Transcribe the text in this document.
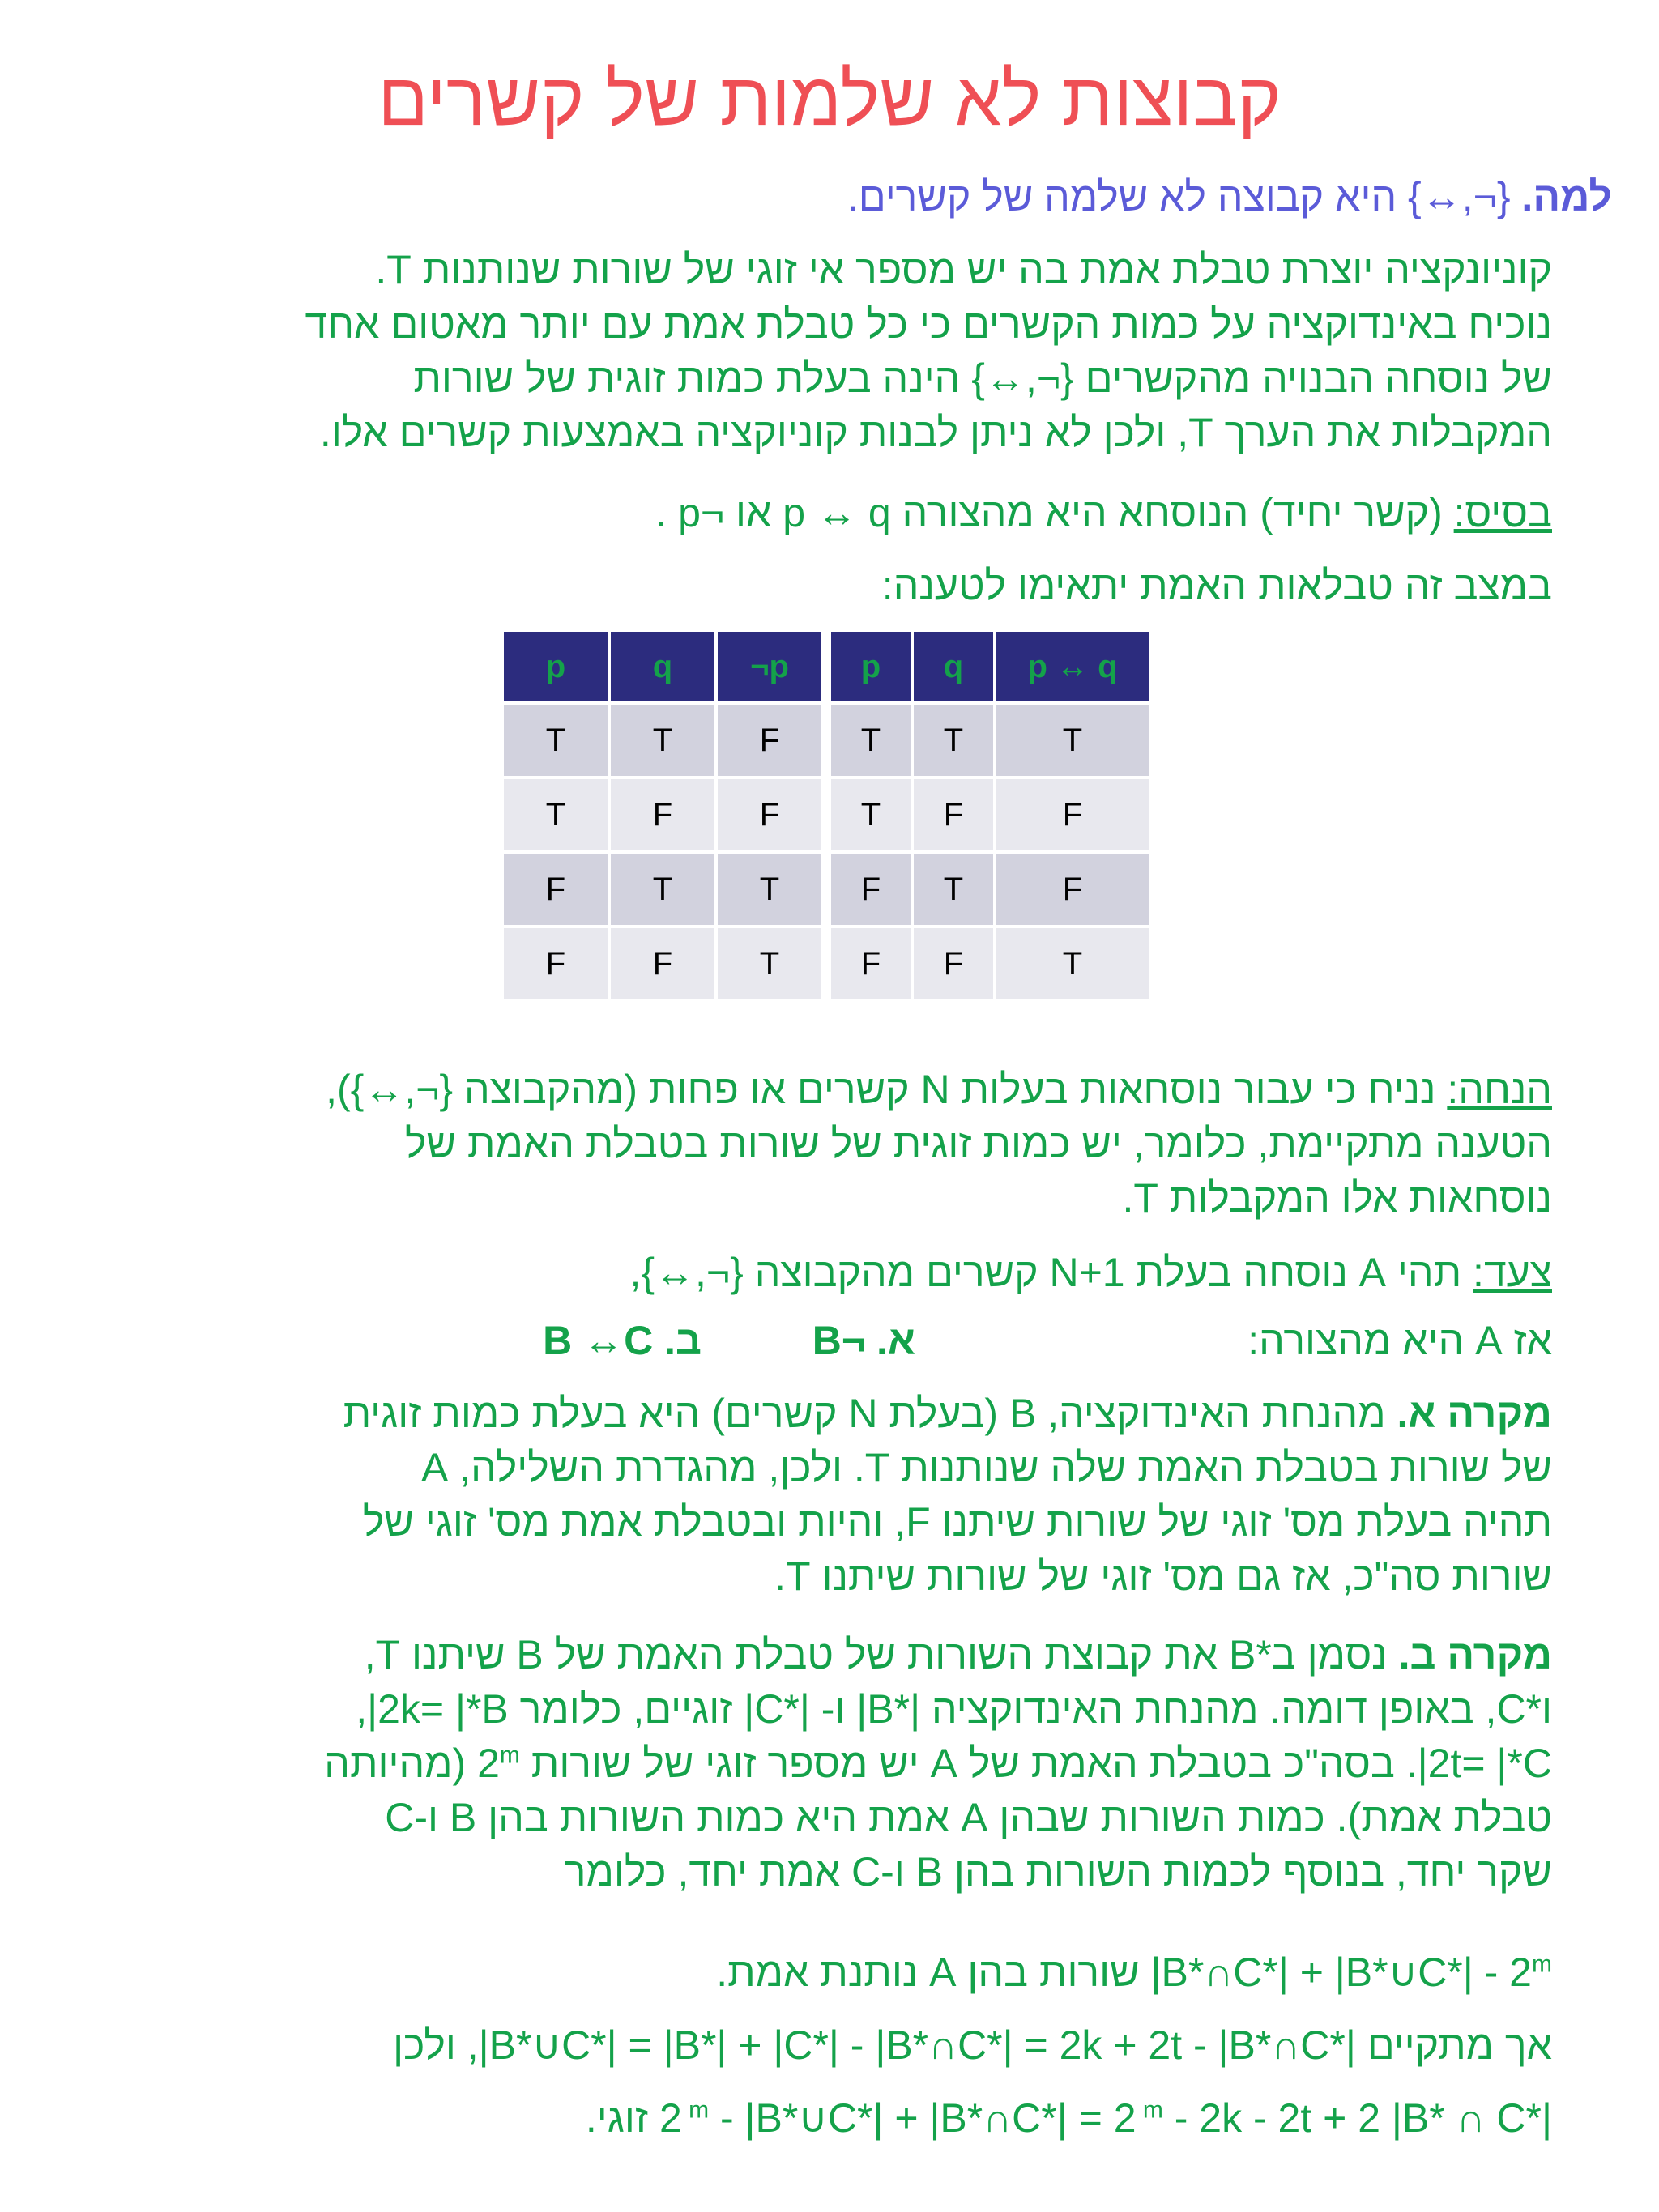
קבוצות לא שלמות של קשרים

למה. {¬,↔} היא קבוצה לא שלמה של קשרים.

קוניונקציה יוצרת טבלת אמת בה יש מספר אי זוגי של שורות שנותנות T.

נוכיח באינדוקציה על כמות הקשרים כי כל טבלת אמת עם יותר מאטום אחד

של נוסחה הבנויה מהקשרים {¬,↔} הינה בעלת כמות זוגית של שורות

המקבלות את הערך T, ולכן לא ניתן לבנות קוניוקציה באמצעות קשרים אלו.

בסיס: (קשר יחיד) הנוסחא היא מהצורה p ↔ q או ¬p .

במצב זה טבלאות האמת יתאימו לטענה:

p	q	¬p
T	T	F
T	F	F
F	T	T
F	F	T
p	q	p ↔ q
T	T	T
T	F	F
F	T	F
F	F	T

הנחה: נניח כי עבור נוסחאות בעלות N קשרים או פחות (מהקבוצה {¬,↔}),

הטענה מתקיימת, כלומר, יש כמות זוגית של שורות בטבלת האמת של

נוסחאות אלו המקבלות T.

צעד: תהי A נוסחה בעלת N+1 קשרים מהקבוצה {¬,↔},

אז A היא מהצורה:
א. ¬B
ב. B ↔C

מקרה א. מהנחת האינדוקציה, B (בעלת N קשרים) היא בעלת כמות זוגית

של שורות בטבלת האמת שלה שנותנות T. ולכן, מהגדרת השלילה, A

תהיה בעלת מס' זוגי של שורות שיתנו F, והיות ובטבלת אמת מס' זוגי של

שורות סה"כ, אז גם מס' זוגי של שורות שיתנו T.

מקרה ב. נסמן ב*B את קבוצת השורות של טבלת האמת של B שיתנו T,

ו*C, באופן דומה. מהנחת האינדוקציה |*B| ו- |*C| זוגיים, כלומר 2k= |*B|,

2t= |*C|. בסה"כ בטבלת האמת של A יש מספר זוגי של שורות 2$^m$ (מהיותה

טבלת אמת). כמות השורות שבהן A אמת היא כמות השורות בהן B ו-C

שקר יחד, בנוסף לכמות השורות בהן B ו-C אמת יחד, כלומר

|B*∩C*| + |B*∪C*| - 2$^m$ שורות בהן A נותנת אמת.

אך מתקיים |B*∪C*| = |B*| + |C*| - |B*∩C*| = 2k + 2t - |B*∩C*|, ולכן

2 $^m$ - |B*∪C*| + |B*∩C*| = 2 $^m$ - 2k - 2t + 2 |B* ∩ C*| זוגי.
